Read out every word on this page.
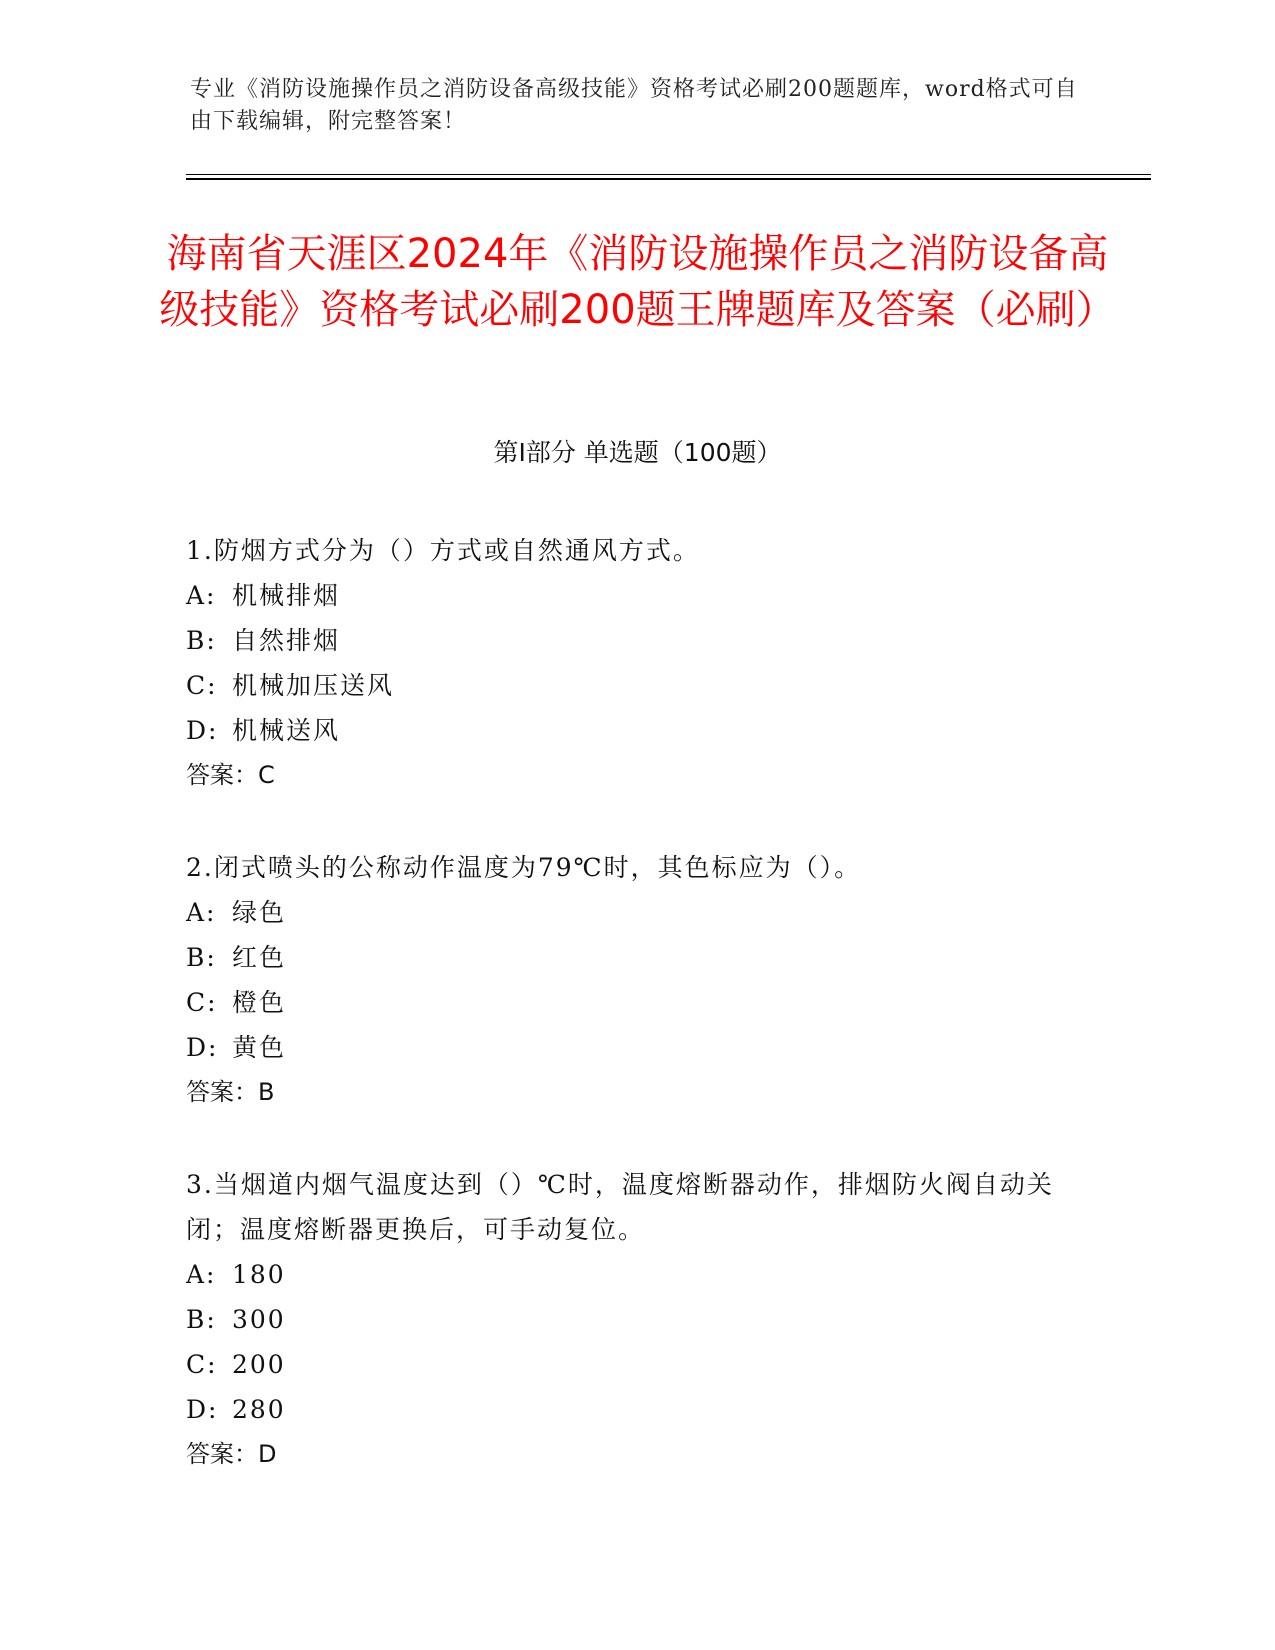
专业《消防设施操作员之消防设备高级技能》资格考试必刷200题题库，word格式可自由下载编辑，附完整答案！
海南省天涯区2024年《消防设施操作员之消防设备高级技能》资格考试必刷200题王牌题库及答案（必刷）
第I部分 单选题（100题）
1.防烟方式分为（）方式或自然通风方式。
A: 机械排烟
B: 自然排烟
C: 机械加压送风
D: 机械送风
答案：C
2.闭式喷头的公称动作温度为79℃时，其色标应为（）。
A: 绿色
B: 红色
C: 橙色
D: 黄色
答案：B
3.当烟道内烟气温度达到（）℃时，温度熔断器动作，排烟防火阀自动关闭；温度熔断器更换后，可手动复位。
A: 180
B: 300
C: 200
D: 280
答案：D
